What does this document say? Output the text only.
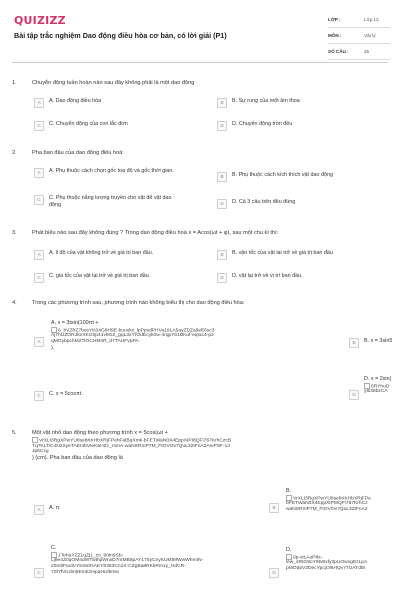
QUIZIZZ
Bài tập trắc nghiệm Dao động điều hòa cơ bản, có lời giải (P1)
LỚP :	Lớp 12
MÔN :	Vật lý
SỐ CÂU :	25
1.	Chuyển động tuần hoàn nào sau đây không phải là một dao động
A	A. Dao động điều hòa	B	B. Sự rung của một âm thoa
C	C. Chuyển động của con lắc đơn	D	D. Chuyển động tròn đều
2.	Pha ban đầu của dao động điều hoà:
A	A. Phụ thuộc cách chọn gốc toạ độ và gốc thời gian.
B	B. Phụ thuộc cách kích thích vật dao động
C	C. Phụ thuộc năng lượng truyền cho vật để vật dao động	D	D. Cả 3 câu trên đều đúng
3.	Phát biểu nào sau đây không đúng ? Trong dao động điều hoà x = Acos(ωt + φ), sau một chu kì thì:
A	A. li độ của vật không trở về giá trị ban đầu.	B	B. vận tốc của vật lại trở về giá trị ban đầu
C	C. gia tốc của vật lại trở về giá trị ban đầu.	D	D. vật lại trở về vị trí ban đầu.
4.	Trong các phương trình sau, phương trình nào không biểu thị cho dao động điều hòa:
A
A. x = 3tsin(100πt +
6_hVZfrZ7besYK04G8H9E-buuxkz_lpPpvdPHVa19LA5ayZDZa9vE6sc3Aj7hUZORJkeXKGhp41v9GZ_gqL3xYrOdEcyk0w-4rqpYb1BKuf-eqloL4-p2qMGybpchM2TlOCHMnR_d7TAUFvpPA
).
B	B. x = 3sin5
C	C. x = 5cosπt.	D
D. x = 2sin(
6RYhoD
y6i38bzCA
5.	Một vật nhỏ dao động theo phương trình x = 5cos(ωt +
VrXLt3RgXPwYU8se8rIKHbXRjFPehFalBqXmk-bFETWaN0X4EppXtPI8QFi767KrhCzcBTq7KLTiC4N2XyeTAEI4bVteK6HZc_rsmA-waNSRmP7M_FtOVOx7QuL32tFnA2AniPSF-14Jp6Cxg
) (cm). Pha ban đầu của dao động là
A	A. π.	B
B.
VrXLt3RgXPwYU8se8rIKHbXRjFPe
bFETWaN0X4EppXtPI8QFi767KrhCz
waNSRmP7M_FtOVOx7QuL32tFnA2
C
C.
1TehaYZZ1qZj1_zo_90tn9Sb-
Lj9e4Z0qOM4dWTwthpWnxD7mMB8pAY175yCnyKUMtMWwWhmtN-
20mtlFexSrY53v0GAKYb363Cn1X-CZgBa8RKkRm1y_HdCR-
7Sl7fVlcdm5Emk2mpqHUl5mw	D
D.
0p-wLAoP8x-
lew_sRtG8oY8tv8xfy3pUOwxgEzLpA
pMOdpV2DecYpcjOl6HQv77UATdt8
